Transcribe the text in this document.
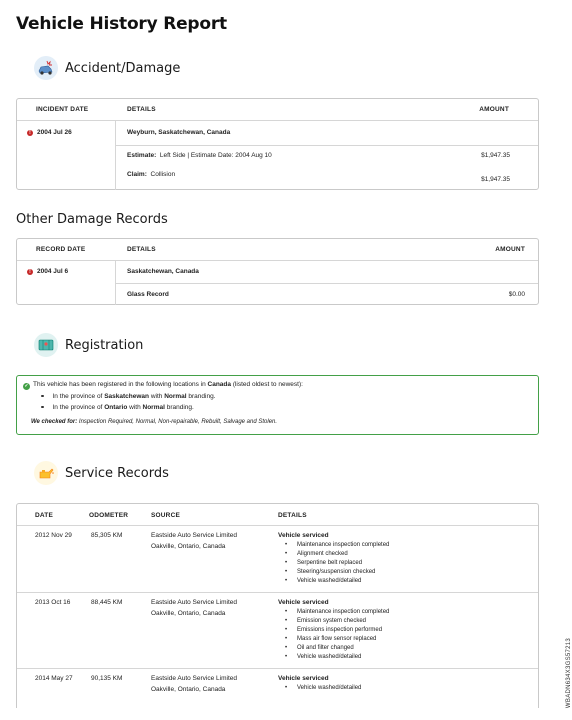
Vehicle History Report
Accident/Damage
INCIDENT DATE	DETAILS	AMOUNT
! 2004 Jul 26	Weyburn, Saskatchewan, Canada
Estimate: Left Side | Estimate Date: 2004 Aug 10	$1,947.35
Claim: Collision
$1,947.35
Other Damage Records
RECORD DATE	DETAILS	AMOUNT
! 2004 Jul 6	Saskatchewan, Canada
Glass Record	$0.00
Registration
✓ This vehicle has been registered in the following locations in Canada (listed oldest to newest):
In the province of Saskatchewan with Normal branding.
In the province of Ontario with Normal branding.
We checked for: Inspection Required, Normal, Non-repairable, Rebuilt, Salvage and Stolen.
Service Records
DATE	ODOMETER	SOURCE	DETAILS
2012 Nov 29	85,305 KM	Eastside Auto Service Limited
Oakville, Ontario, Canada
Vehicle serviced
• Maintenance inspection completed
• Alignment checked
• Serpentine belt replaced
• Steering/suspension checked
• Vehicle washed/detailed
2013 Oct 16	88,445 KM	Eastside Auto Service Limited
Oakville, Ontario, Canada
Vehicle serviced
• Maintenance inspection completed
• Emission system checked
• Emissions inspection performed
• Mass air flow sensor replaced
• Oil and filter changed
• Vehicle washed/detailed
2014 May 27	90,135 KM	Eastside Auto Service Limited
Oakville, Ontario, Canada
Vehicle serviced
• Vehicle washed/detailed	WBADN634X3GS57213
